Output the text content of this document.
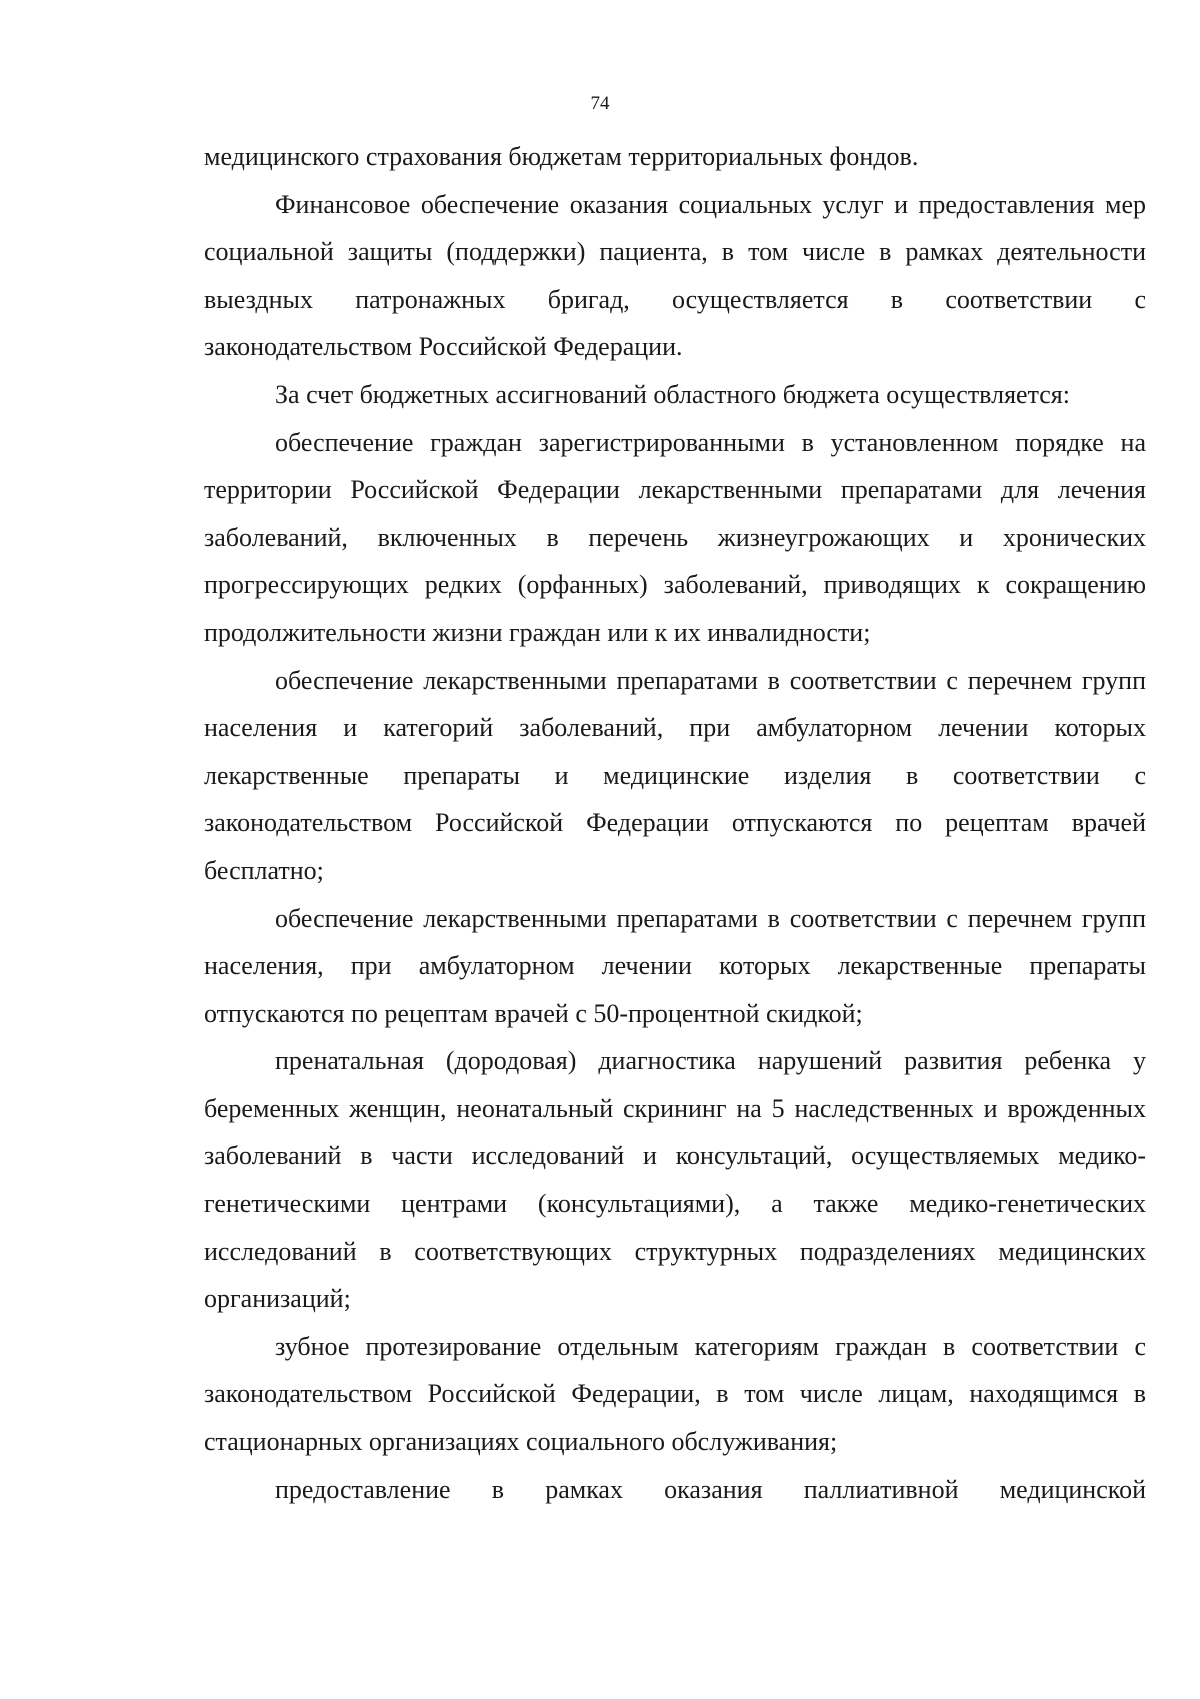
74

медицинского страхования бюджетам территориальных фондов.

Финансовое обеспечение оказания социальных услуг и предоставления мер социальной защиты (поддержки) пациента, в том числе в рамках деятельности выездных патронажных бригад, осуществляется в соответствии с законодательством Российской Федерации.

За счет бюджетных ассигнований областного бюджета осуществляется:

обеспечение граждан зарегистрированными в установленном порядке на территории Российской Федерации лекарственными препаратами для лечения заболеваний, включенных в перечень жизнеугрожающих и хронических прогрессирующих редких (орфанных) заболеваний, приводящих к сокращению продолжительности жизни граждан или к их инвалидности;

обеспечение лекарственными препаратами в соответствии с перечнем групп населения и категорий заболеваний, при амбулаторном лечении которых лекарственные препараты и медицинские изделия в соответствии с законодательством Российской Федерации отпускаются по рецептам врачей бесплатно;

обеспечение лекарственными препаратами в соответствии с перечнем групп населения, при амбулаторном лечении которых лекарственные препараты отпускаются по рецептам врачей с 50-процентной скидкой;

пренатальная (дородовая) диагностика нарушений развития ребенка у беременных женщин, неонатальный скрининг на 5 наследственных и врожденных заболеваний в части исследований и консультаций, осуществляемых медико-генетическими центрами (консультациями), а также медико-генетических исследований в соответствующих структурных подразделениях медицинских организаций;

зубное протезирование отдельным категориям граждан в соответствии с законодательством Российской Федерации, в том числе лицам, находящимся в стационарных организациях социального обслуживания;

предоставление в рамках оказания паллиативной медицинской
